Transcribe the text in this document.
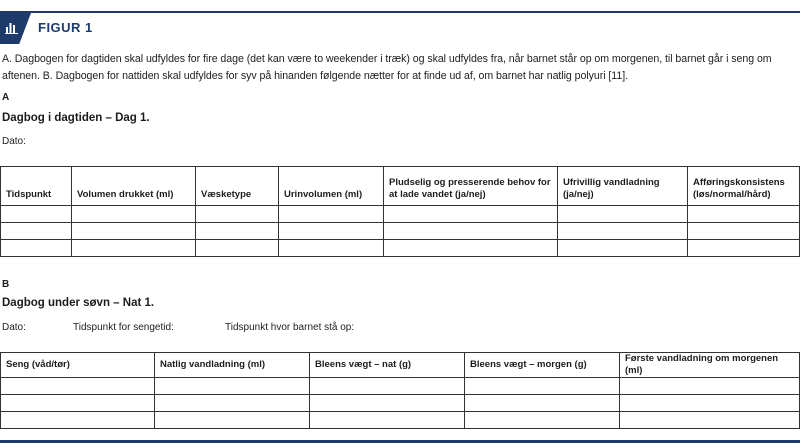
FIGUR 1
A. Dagbogen for dagtiden skal udfyldes for fire dage (det kan være to weekender i træk) og skal udfyldes fra, når barnet står op om morgenen, til barnet går i seng om aftenen. B. Dagbogen for nattiden skal udfyldes for syv på hinanden følgende nætter for at finde ud af, om barnet har natlig polyuri [11].
A
Dagbog i dagtiden – Dag 1.
Dato:
Tidspunkt	Volumen drukket (ml)	Væsketype	Urinvolumen (ml)	Pludselig og presserende behov for at lade vandet (ja/nej)	Ufrivillig vandladning (ja/nej)	Afføringskonsistens (løs/normal/hård)

B
Dagbog under søvn – Nat 1.
Dato:	Tidspunkt for sengetid:	Tidspunkt hvor barnet stå op:
Seng (våd/tør)	Natlig vandladning (ml)	Bleens vægt – nat (g)	Bleens vægt – morgen (g)	Første vandladning om morgenen (ml)
